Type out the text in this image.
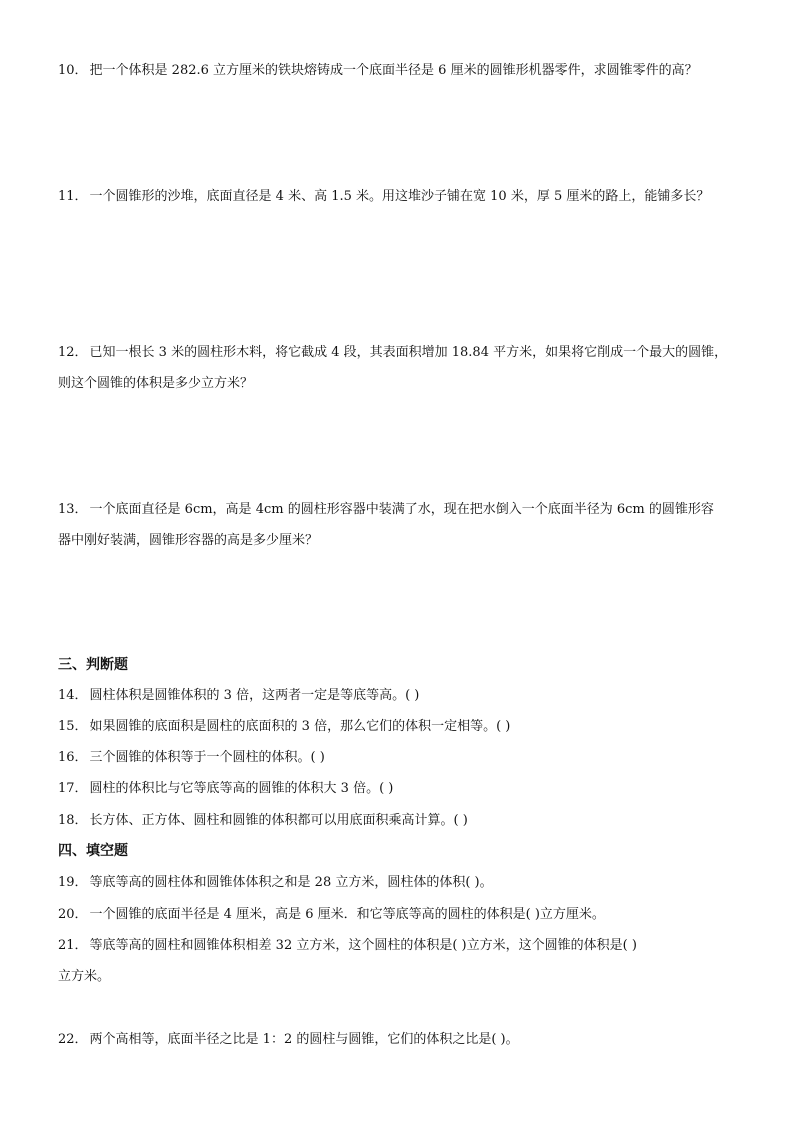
10． 把一个体积是 282.6 立方厘米的铁块熔铸成一个底面半径是 6 厘米的圆锥形机器零件，求圆锥零件的高？
11． 一个圆锥形的沙堆，底面直径是 4 米、高 1.5 米。用这堆沙子铺在宽 10 米，厚 5 厘米的路上，能铺多长？
12． 已知一根长 3 米的圆柱形木料，将它截成 4 段，其表面积增加 18.84 平方米，如果将它削成一个最大的圆锥，
则这个圆锥的体积是多少立方米？
13． 一个底面直径是 6cm，高是 4cm 的圆柱形容器中装满了水，现在把水倒入一个底面半径为 6cm 的圆锥形容
器中刚好装满，圆锥形容器的高是多少厘米？
三、判断题
14． 圆柱体积是圆锥体积的 3 倍，这两者一定是等底等高。( )
15． 如果圆锥的底面积是圆柱的底面积的 3 倍，那么它们的体积一定相等。( )
16． 三个圆锥的体积等于一个圆柱的体积。( )
17． 圆柱的体积比与它等底等高的圆锥的体积大 3 倍。( )
18． 长方体、正方体、圆柱和圆锥的体积都可以用底面积乘高计算。( )
四、填空题
19． 等底等高的圆柱体和圆锥体体积之和是 28 立方米，圆柱体的体积( )。
20． 一个圆锥的底面半径是 4 厘米，高是 6 厘米．和它等底等高的圆柱的体积是( )立方厘米。
21． 等底等高的圆柱和圆锥体积相差 32 立方米，这个圆柱的体积是( )立方米，这个圆锥的体积是( )
立方米。
22． 两个高相等，底面半径之比是 1：2 的圆柱与圆锥，它们的体积之比是( )。
